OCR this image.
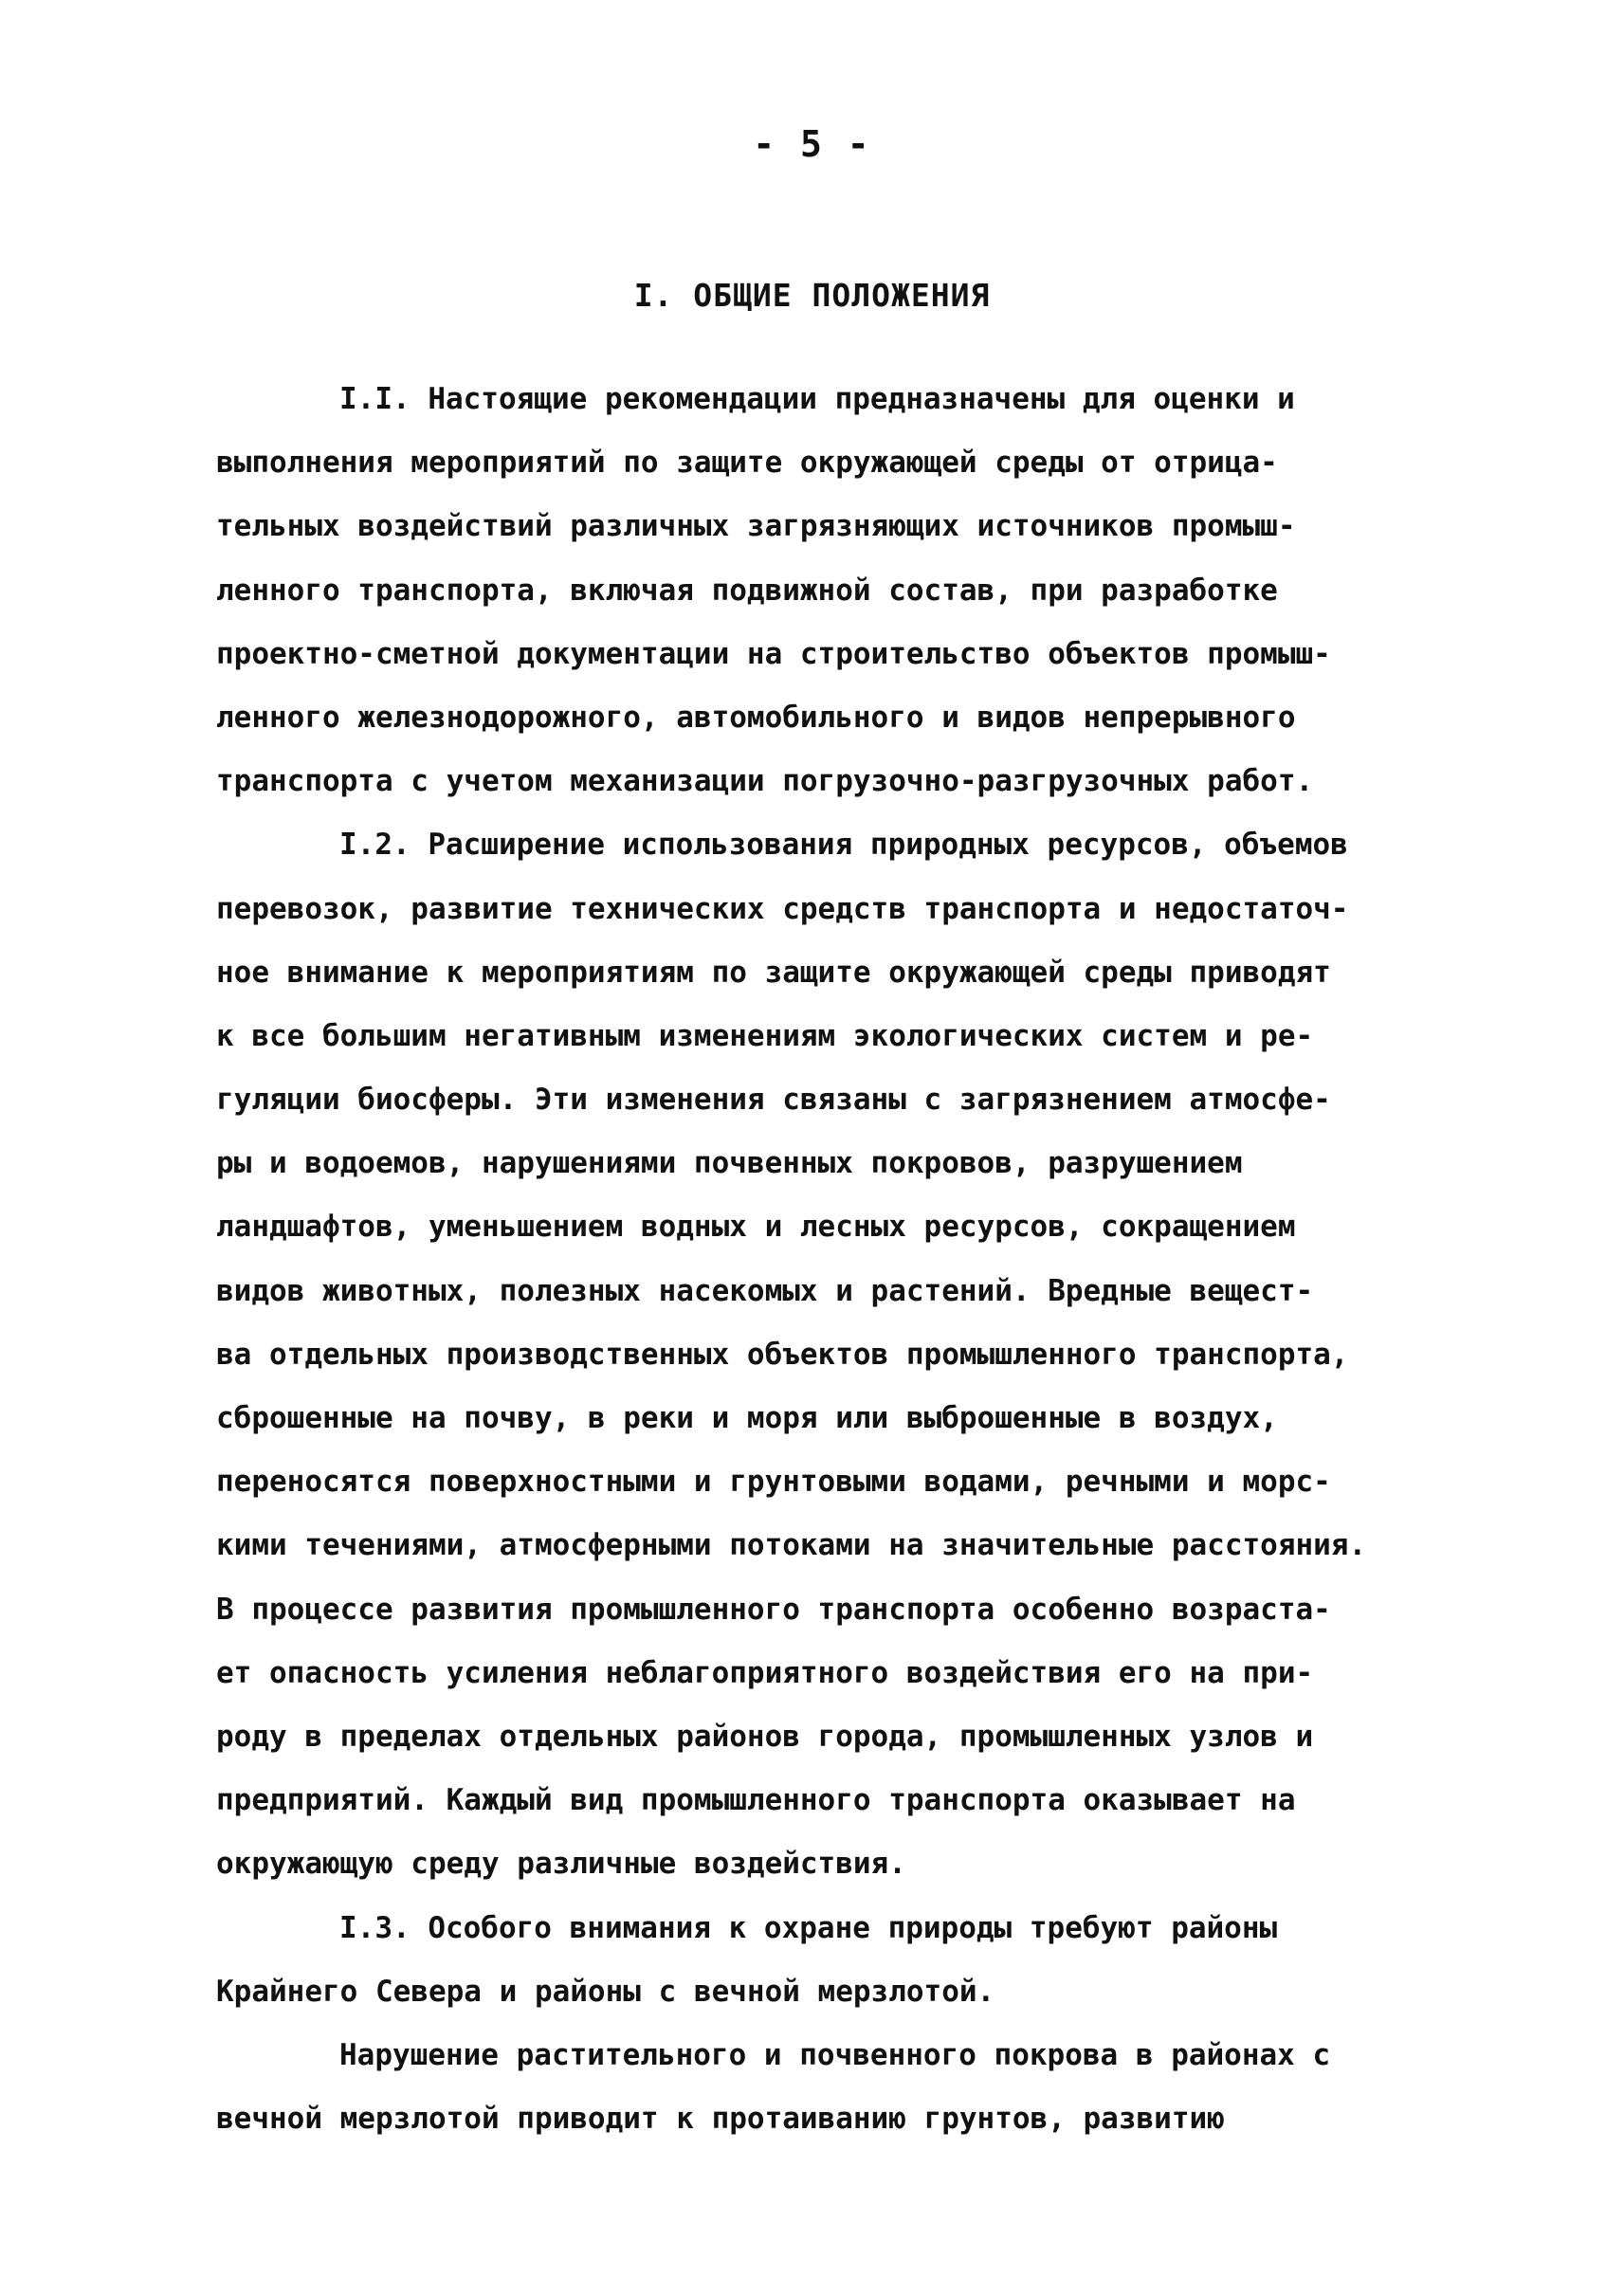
- 5 -
I. ОБЩИЕ ПОЛОЖЕНИЯ
I.I. Настоящие рекомендации предназначены для оценки и
выполнения мероприятий по защите окружающей среды от отрица-
тельных воздействий различных загрязняющих источников промыш-
ленного транспорта, включая подвижной состав, при разработке
проектно-сметной документации на строительство объектов промыш-
ленного железнодорожного, автомобильного и видов непрерывного
транспорта с учетом механизации погрузочно-разгрузочных работ.
I.2. Расширение использования природных ресурсов, объемов
перевозок, развитие технических средств транспорта и недостаточ-
ное внимание к мероприятиям по защите окружающей среды приводят
к все большим негативным изменениям экологических систем и ре-
гуляции биосферы. Эти изменения связаны с загрязнением атмосфе-
ры и водоемов, нарушениями почвенных покровов, разрушением
ландшафтов, уменьшением водных и лесных ресурсов, сокращением
видов животных, полезных насекомых и растений. Вредные вещест-
ва отдельных производственных объектов промышленного транспорта,
сброшенные на почву, в реки и моря или выброшенные в воздух,
переносятся поверхностными и грунтовыми водами, речными и морс-
кими течениями, атмосферными потоками на значительные расстояния.
В процессе развития промышленного транспорта особенно возраста-
ет опасность усиления неблагоприятного воздействия его на при-
роду в пределах отдельных районов города, промышленных узлов и
предприятий. Каждый вид промышленного транспорта оказывает на
окружающую среду различные воздействия.
I.3. Особого внимания к охране природы требуют районы
Крайнего Севера и районы с вечной мерзлотой.
Нарушение растительного и почвенного покрова в районах с
вечной мерзлотой приводит к протаиванию грунтов, развитию
